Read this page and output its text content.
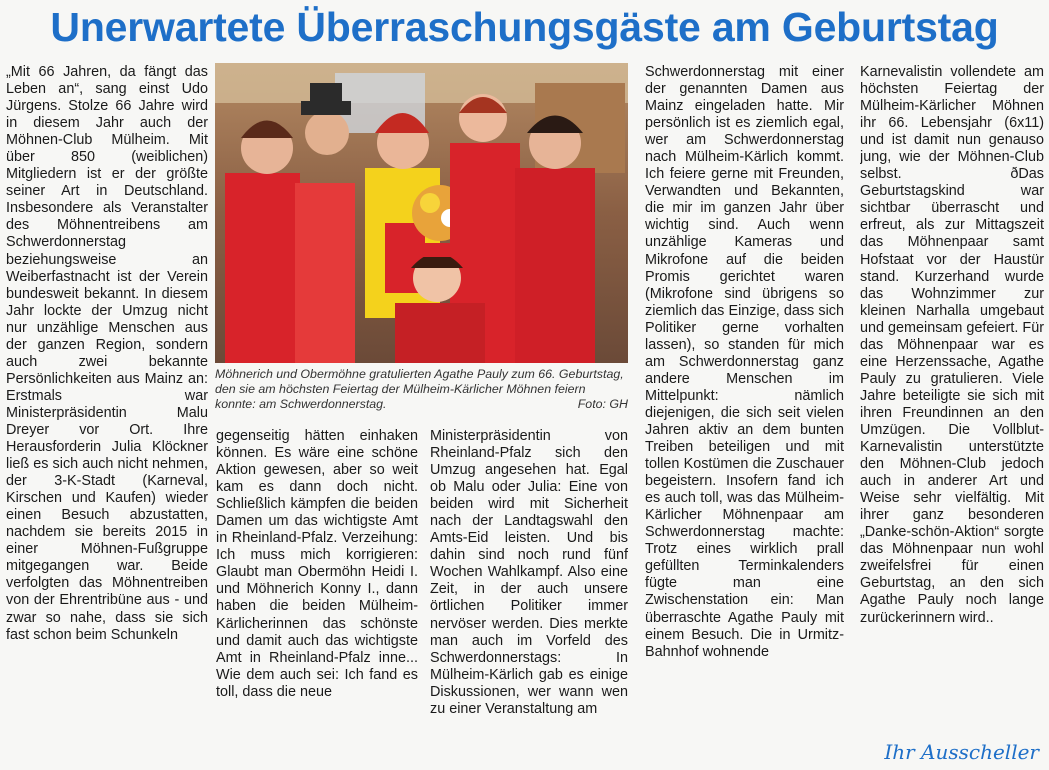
Unerwartete Überraschungsgäste am Geburtstag

„Mit 66 Jahren, da fängt das Leben an“, sang einst Udo Jürgens. Stolze 66 Jahre wird in diesem Jahr auch der Möhnen-Club Mülheim. Mit über 850 (weiblichen) Mitgliedern ist er der größte seiner Art in Deutschland. Insbesondere als Veranstalter des Möhnentreibens am Schwerdonnerstag beziehungsweise an Weiberfastnacht ist der Verein bundesweit bekannt. In diesem Jahr lockte der Umzug nicht nur unzählige Menschen aus der ganzen Region, sondern auch zwei bekannte Persönlichkeiten aus Mainz an: Erstmals war Ministerpräsidentin Malu Dreyer vor Ort. Ihre Herausforderin Julia Klöckner ließ es sich auch nicht nehmen, der 3-K-Stadt (Karneval, Kirschen und Kaufen) wieder einen Besuch abzustatten, nachdem sie bereits 2015 in einer Möhnen-Fußgruppe mitgegangen war. Beide verfolgten das Möhnentreiben von der Ehrentribüne aus - und zwar so nahe, dass sie sich fast schon beim Schunkeln

Möhnerich und Obermöhne gratulierten Agathe Pauly zum 66. Geburtstag, den sie am höchsten Feiertag der Mülheim-Kärlicher Möhnen feiern konnte: am Schwerdonnerstag.	Foto: GH

gegenseitig hätten einhaken können. Es wäre eine schöne Aktion gewesen, aber so weit kam es dann doch nicht. Schließlich kämpfen die beiden Damen um das wichtigste Amt in Rheinland-Pfalz. Verzeihung: Ich muss mich korrigieren: Glaubt man Obermöhn Heidi I. und Möhnerich Konny I., dann haben die beiden Mülheim-Kärlicherinnen das schönste und damit auch das wichtigste Amt in Rheinland-Pfalz inne... Wie dem auch sei: Ich fand es toll, dass die neue

Ministerpräsidentin von Rheinland-Pfalz sich den Umzug angesehen hat. Egal ob Malu oder Julia: Eine von beiden wird mit Sicherheit nach der Landtagswahl den Amts-Eid leisten. Und bis dahin sind noch rund fünf Wochen Wahlkampf. Also eine Zeit, in der auch unsere örtlichen Politiker immer nervöser werden. Dies merkte man auch im Vorfeld des Schwerdonnerstags: In Mülheim-Kärlich gab es einige Diskussionen, wer wann wen zu einer Veranstaltung am

Schwerdonnerstag mit einer der genannten Damen aus Mainz eingeladen hatte. Mir persönlich ist es ziemlich egal, wer am Schwerdonnerstag nach Mülheim-Kärlich kommt. Ich feiere gerne mit Freunden, Verwandten und Bekannten, die mir im ganzen Jahr über wichtig sind. Auch wenn unzählige Kameras und Mikrofone auf die beiden Promis gerichtet waren (Mikrofone sind übrigens so ziemlich das Einzige, dass sich Politiker gerne vorhalten lassen), so standen für mich am Schwerdonnerstag ganz andere Menschen im Mittelpunkt: nämlich diejenigen, die sich seit vielen Jahren aktiv an dem bunten Treiben beteiligen und mit tollen Kostümen die Zuschauer begeistern. Insofern fand ich es auch toll, was das Mülheim-Kärlicher Möhnenpaar am Schwerdonnerstag machte: Trotz eines wirklich prall gefüllten Terminkalenders fügte man eine Zwischenstation ein: Man überraschte Agathe Pauly mit einem Besuch. Die in Urmitz-Bahnhof wohnende

Karnevalistin vollendete am höchsten Feiertag der Mülheim-Kärlicher Möhnen ihr 66. Lebensjahr (6x11) und ist damit nun genauso jung, wie der Möhnen-Club selbst. ðDas Geburtstagskind war sichtbar überrascht und erfreut, als zur Mittagszeit das Möhnenpaar samt Hofstaat vor der Haustür stand. Kurzerhand wurde das Wohnzimmer zur kleinen Narhalla umgebaut und gemeinsam gefeiert. Für das Möhnenpaar war es eine Herzenssache, Agathe Pauly zu gratulieren. Viele Jahre beteiligte sie sich mit ihren Freundinnen an den Umzügen. Die Vollblut-Karnevalistin unterstützte den Möhnen-Club jedoch auch in anderer Art und Weise sehr vielfältig. Mit ihrer ganz besonderen „Danke-schön-Aktion“ sorgte das Möhnenpaar nun wohl zweifelsfrei für einen Geburtstag, an den sich Agathe Pauly noch lange zurückerinnern wird..

Ihr Ausscheller
